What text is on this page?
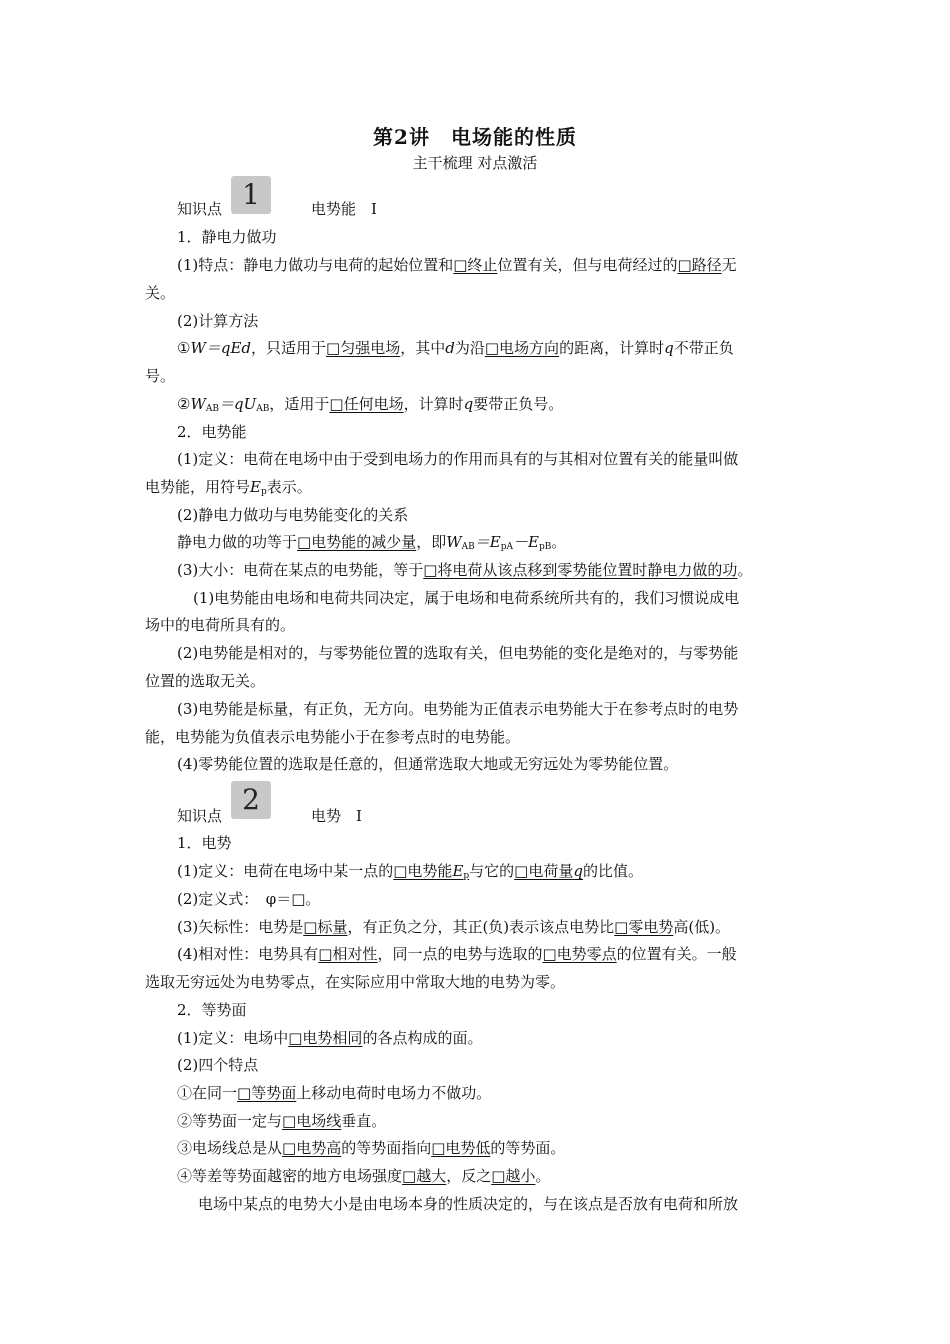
第2讲　电场能的性质
主干梳理 对点激活
知识点 1	电势能　Ⅰ
1．静电力做功
(1)特点：静电力做功与电荷的起始位置和□终止位置有关，但与电荷经过的□路径无
关。
(2)计算方法
①W＝qEd，只适用于□匀强电场，其中d为沿□电场方向的距离，计算时q不带正负
号。
$②W_{AB}=qU_{AB}$，适用于□任何电场，计算时q要带正负号。
2．电势能
(1)定义：电荷在电场中由于受到电场力的作用而具有的与其相对位置有关的能量叫做
电势能，用符号$E_p$表示。
(2)静电力做功与电势能变化的关系
静电力做的功等于□电势能的减少量，即$W_{AB}=E_{pA}-E_{pB}$。
(3)大小：电荷在某点的电势能，等于□将电荷从该点移到零势能位置时静电力做的功。
(1)电势能由电场和电荷共同决定，属于电场和电荷系统所共有的，我们习惯说成电
场中的电荷所具有的。
(2)电势能是相对的，与零势能位置的选取有关，但电势能的变化是绝对的，与零势能
位置的选取无关。
(3)电势能是标量，有正负，无方向。电势能为正值表示电势能大于在参考点时的电势
能，电势能为负值表示电势能小于在参考点时的电势能。
(4)零势能位置的选取是任意的，但通常选取大地或无穷远处为零势能位置。
知识点 2	电势　Ⅰ
1．电势
(1)定义：电荷在电场中某一点的□电势能$E_p$与它的□电荷量q的比值。
(2)定义式：　φ＝□。
(3)矢标性：电势是□标量，有正负之分，其正(负)表示该点电势比□零电势高(低)。
(4)相对性：电势具有□相对性，同一点的电势与选取的□电势零点的位置有关。一般
选取无穷远处为电势零点，在实际应用中常取大地的电势为零。
2．等势面
(1)定义：电场中□电势相同的各点构成的面。
(2)四个特点
①在同一□等势面上移动电荷时电场力不做功。
②等势面一定与□电场线垂直。
③电场线总是从□电势高的等势面指向□电势低的等势面。
④等差等势面越密的地方电场强度□越大，反之□越小。
电场中某点的电势大小是由电场本身的性质决定的，与在该点是否放有电荷和所放
